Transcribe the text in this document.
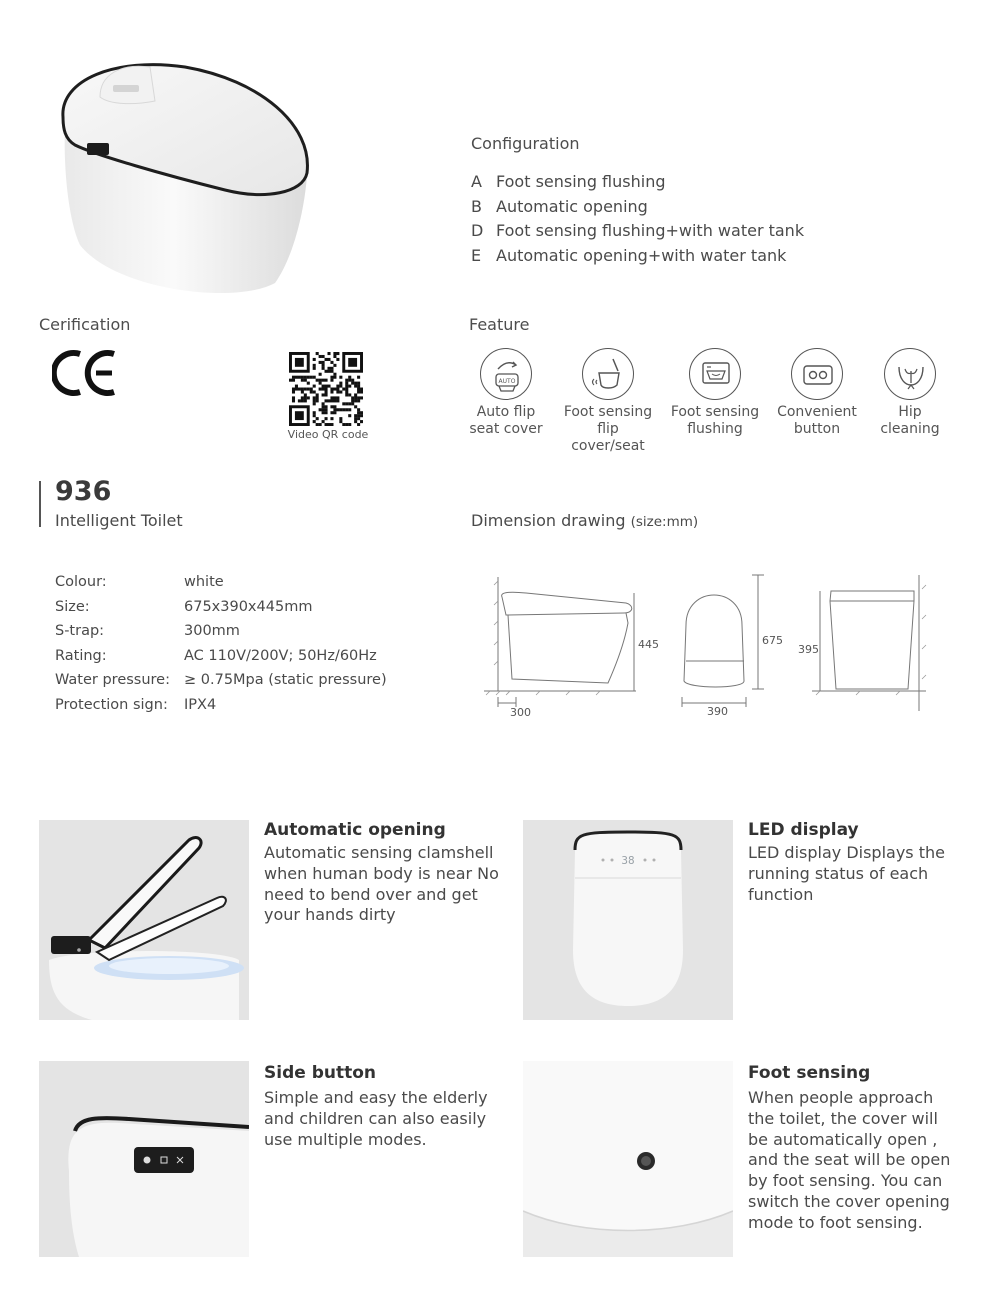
Configuration
A Foot sensing flushing
B Automatic opening
D Foot sensing flushing+with water tank
E Automatic opening+with water tank
Cerification
Video QR code
Feature
AUTO
Auto flip
seat cover
Foot sensing
flip cover/seat
Foot sensing
flushing
Convenient
button
Hip
cleaning
936
Intelligent Toilet
Colour:	white
Size:	675x390x445mm
S-trap:	300mm
Rating:	AC 110V/200V; 50Hz/60Hz
Water pressure: ≥ 0.75Mpa (static pressure)
Protection sign: IPX4
Dimension drawing (size:mm)
445	675
395
300	390
Automatic opening
Automatic sensing clamshell when human body is near No need to bend over and get your hands dirty
38
LED display
LED display Displays the running status of each function
Side button
Simple and easy the elderly and children can also easily use multiple modes.
Foot sensing
When people approach the toilet, the cover will be automatically open , and the seat will be open by foot sensing. You can switch the cover opening mode to foot sensing.
